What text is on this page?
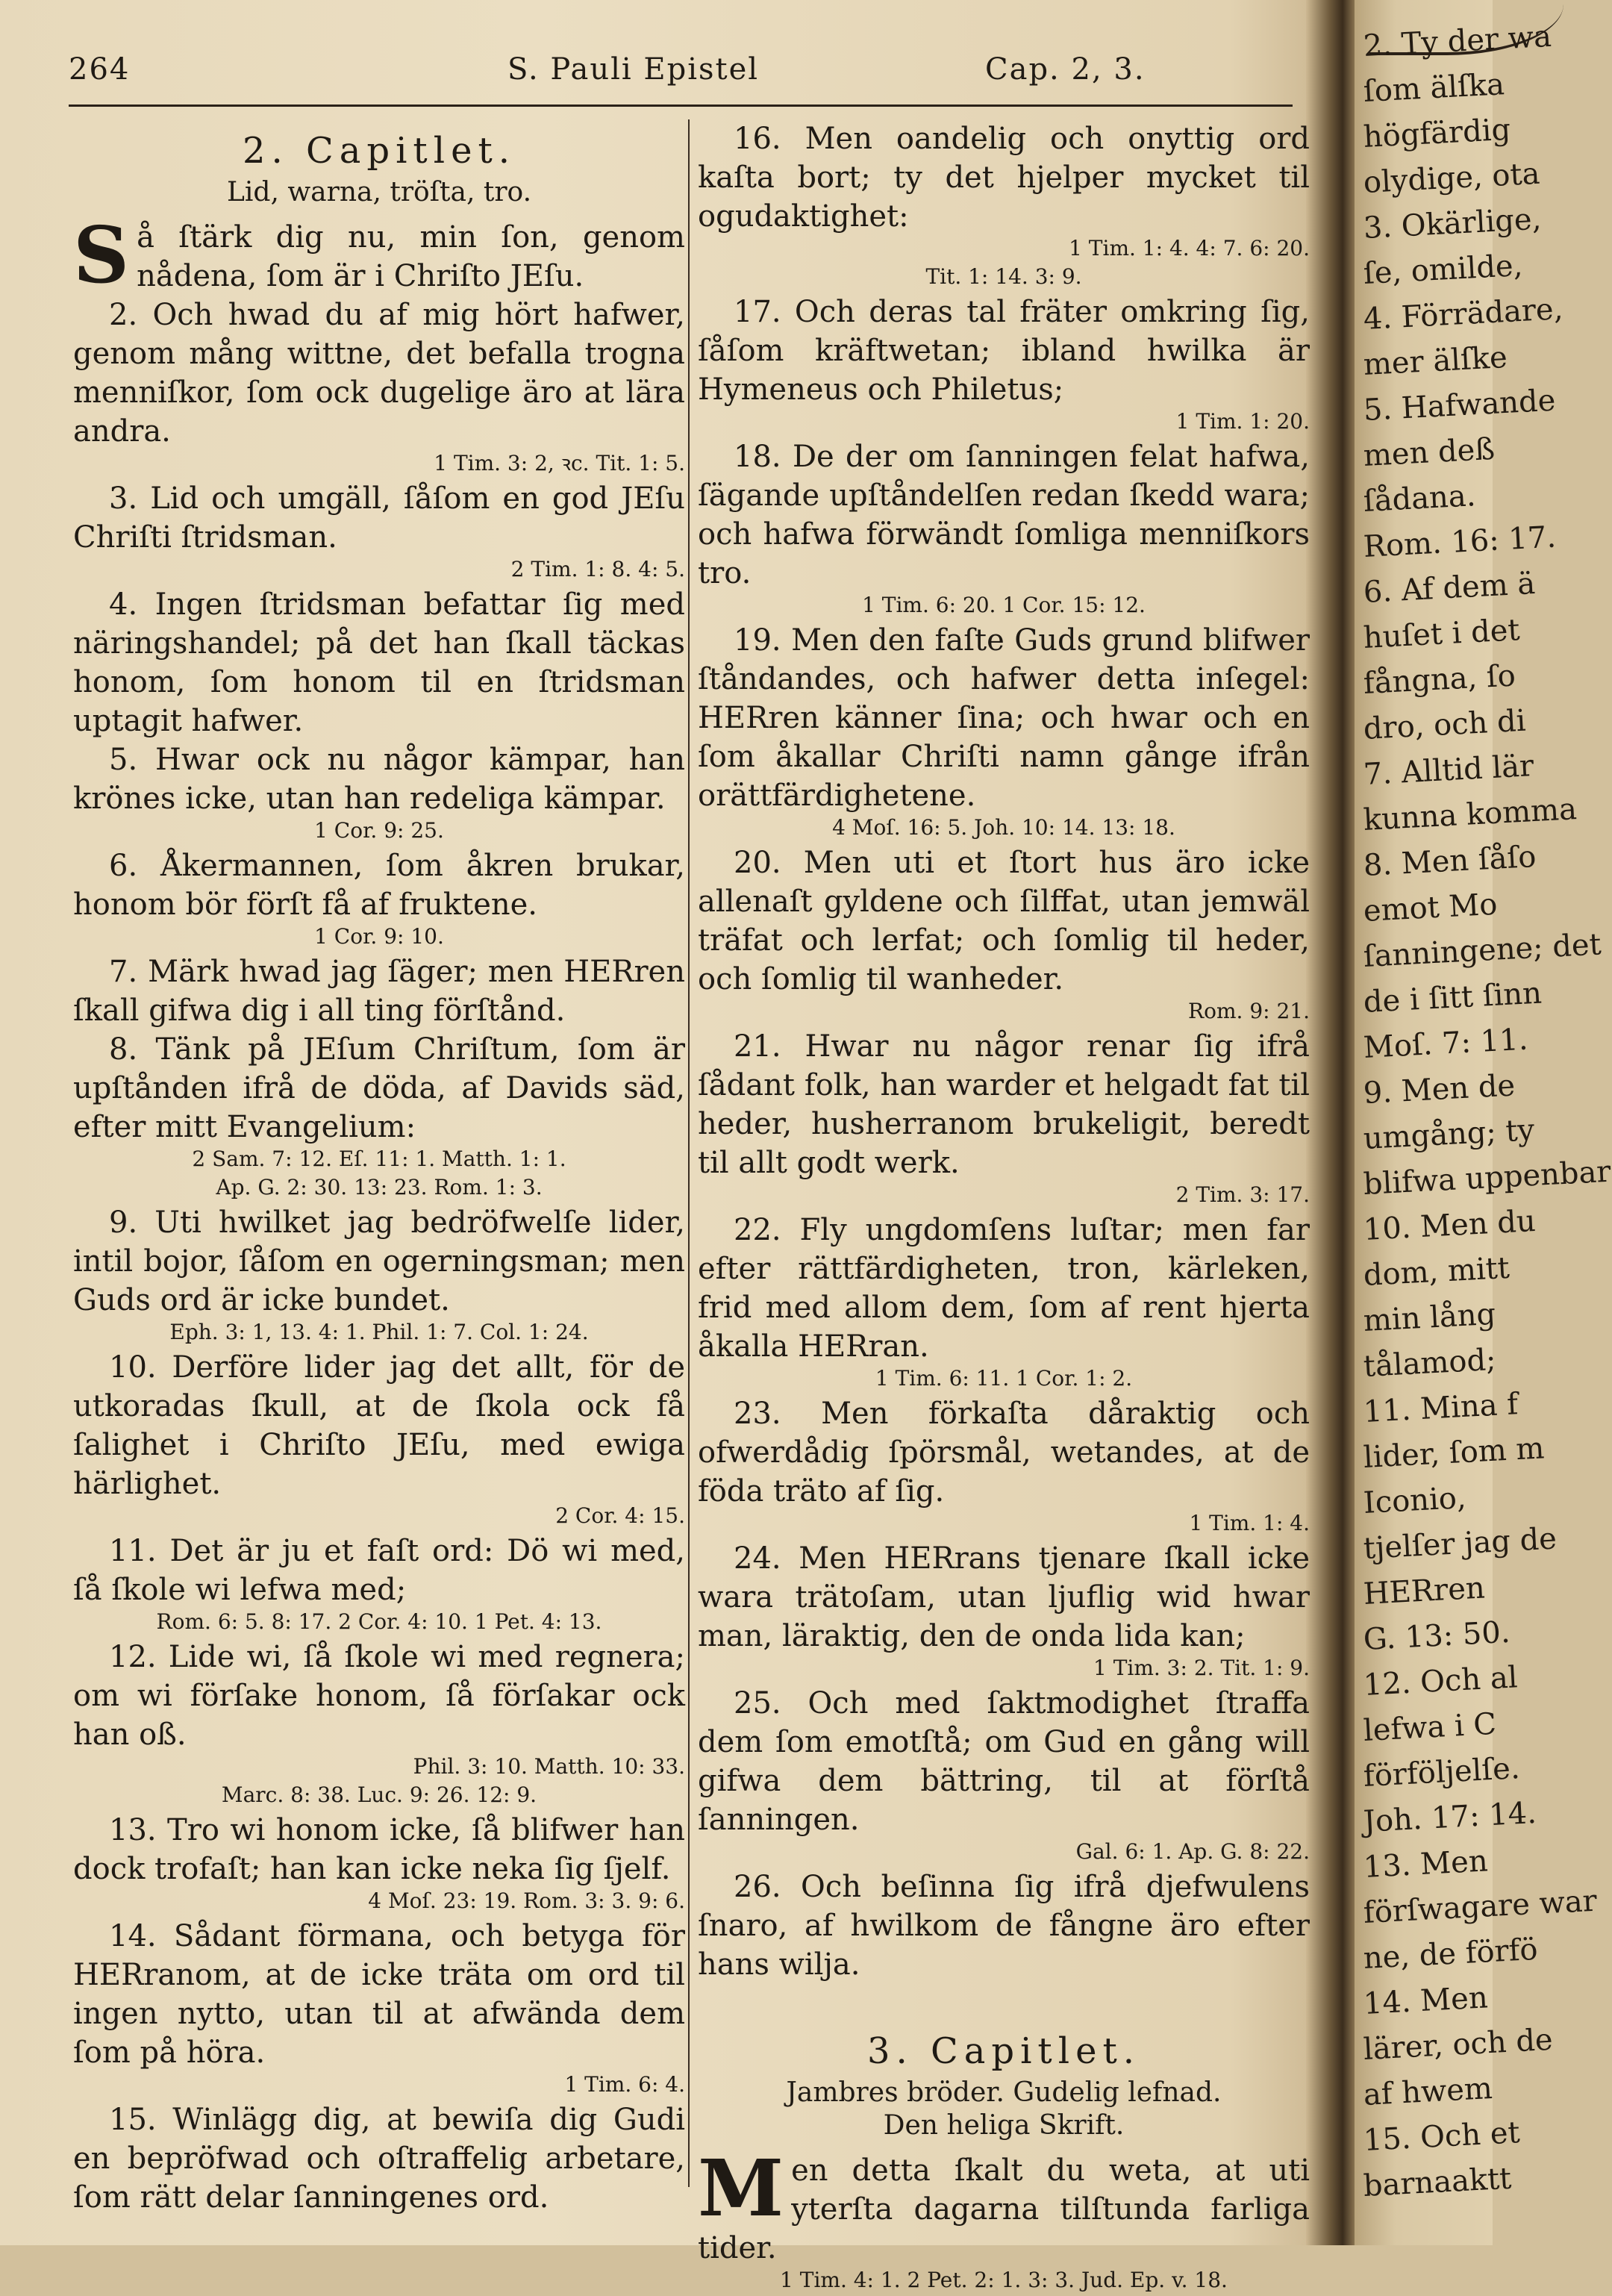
2. Ty der wa
ſom älſka
högfärdig
olydige, ota
3. Okärlige,
ſe, omilde,
4. Förrädare,
mer älſke
5. Hafwande
men deß
ſådana.
Rom. 16: 17.
6. Af dem ä
huſet i det
fångna, ſo
dro, och di
7. Alltid lär
kunna komma
8. Men ſåſo
emot Mo
ſanningene; det
de i ſitt ſinn
Moſ. 7: 11.
9. Men de
umgång; ty
blifwa uppenbar
10. Men du
dom, mitt
min lång
tålamod;
11. Mina f
lider, ſom m
Iconio,
tjelſer jag de
HERren
G. 13: 50.
12. Och al
lefwa i C
förföljelſe.
Joh. 17: 14.
13. Men
förſwagare war
ne, de förfö
14. Men
lärer, och de
af hwem
15. Och et
barnaaktt
264	S. Pauli Epistel	Cap. 2, 3.
2. Capitlet.
Lid, warna, tröſta, tro.
S å ſtärk dig nu, min ſon, genom nådena, ſom är i Chriſto JEſu.

2. Och hwad du af mig hört hafwer, genom mång wittne, det befalla trogna menniſkor, ſom ock dugelige äro at lära andra.

1 Tim. 3: 2, ꝛc. Tit. 1: 5.

3. Lid och umgäll, ſåſom en god JEſu Chriſti ſtridsman.

2 Tim. 1: 8. 4: 5.

4. Ingen ſtridsman befattar ſig med näringshandel; på det han ſkall täckas honom, ſom honom til en ſtridsman uptagit hafwer.

5. Hwar ock nu någor kämpar, han krönes icke, utan han redeliga kämpar.

1 Cor. 9: 25.

6. Åkermannen, ſom åkren brukar, honom bör förſt få af fruktene.

1 Cor. 9: 10.

7. Märk hwad jag ſäger; men HERren ſkall gifwa dig i all ting förſtånd.

8. Tänk på JEſum Chriſtum, ſom är upſtånden ifrå de döda, af Davids säd, efter mitt Evangelium:

2 Sam. 7: 12. Eſ. 11: 1. Matth. 1: 1.

Ap. G. 2: 30. 13: 23. Rom. 1: 3.

9. Uti hwilket jag bedröfwelſe lider, intil bojor, ſåſom en ogerningsman; men Guds ord är icke bundet.

Eph. 3: 1, 13. 4: 1. Phil. 1: 7. Col. 1: 24.

10. Derföre lider jag det allt, för de utkoradas ſkull, at de ſkola ock få ſalighet i Chriſto JEſu, med ewiga härlighet.

2 Cor. 4: 15.

11. Det är ju et faſt ord: Dö wi med, ſå ſkole wi lefwa med;

Rom. 6: 5. 8: 17. 2 Cor. 4: 10. 1 Pet. 4: 13.

12. Lide wi, ſå ſkole wi med regnera; om wi förſake honom, ſå förſakar ock han oß.

Phil. 3: 10. Matth. 10: 33.

Marc. 8: 38. Luc. 9: 26. 12: 9.

13. Tro wi honom icke, ſå blifwer han dock trofaſt; han kan icke neka ſig ſjelf.

4 Moſ. 23: 19. Rom. 3: 3. 9: 6.

14. Sådant förmana, och betyga för HERranom, at de icke träta om ord til ingen nytto, utan til at afwända dem ſom på höra.

1 Tim. 6: 4.

15. Winlägg dig, at bewiſa dig Gudi en bepröfwad och oſtraffelig arbetare, ſom rätt delar ſanningenes ord.

16. Men oandelig och onyttig ord kaſta bort; ty det hjelper mycket til ogudaktighet:

1 Tim. 1: 4. 4: 7. 6: 20.

Tit. 1: 14. 3: 9.

17. Och deras tal fräter omkring ſig, ſåſom kräftwetan; ibland hwilka är Hymeneus och Philetus;

1 Tim. 1: 20.

18. De der om ſanningen felat hafwa, ſägande upſtåndelſen redan ſkedd wara; och hafwa förwändt ſomliga menniſkors tro.

1 Tim. 6: 20. 1 Cor. 15: 12.

19. Men den faſte Guds grund blifwer ſtåndandes, och hafwer detta inſegel: HERren känner ſina; och hwar och en ſom åkallar Chriſti namn gånge ifrån orättfärdighetene.

4 Moſ. 16: 5. Joh. 10: 14. 13: 18.

20. Men uti et ſtort hus äro icke allenaſt gyldene och ſilffat, utan jemwäl träfat och lerfat; och ſomlig til heder, och ſomlig til wanheder.

Rom. 9: 21.

21. Hwar nu någor renar ſig ifrå ſådant folk, han warder et helgadt fat til heder, husherranom brukeligit, beredt til allt godt werk.

2 Tim. 3: 17.

22. Fly ungdomſens luſtar; men far efter rättfärdigheten, tron, kärleken, frid med allom dem, ſom af rent hjerta åkalla HERran.

1 Tim. 6: 11. 1 Cor. 1: 2.

23. Men förkaſta dåraktig och ofwerdådig ſpörsmål, wetandes, at de föda träto af ſig.

1 Tim. 1: 4.

24. Men HERrans tjenare ſkall icke wara trätoſam, utan ljuflig wid hwar man, läraktig, den de onda lida kan;

1 Tim. 3: 2. Tit. 1: 9.

25. Och med ſaktmodighet ſtraffa dem ſom emotſtå; om Gud en gång will gifwa dem bättring, til at förſtå ſanningen.

Gal. 6: 1. Ap. G. 8: 22.

26. Och beſinna ſig ifrå djefwulens ſnaro, af hwilkom de fångne äro efter hans wilja.

3. Capitlet.
Jambres bröder. Gudelig lefnad.
Den heliga Skrift.
M en detta ſkalt du weta, at uti yterſta dagarna tilſtunda farliga tider.

1 Tim. 4: 1. 2 Pet. 2: 1. 3: 3. Jud. Ep. v. 18.
